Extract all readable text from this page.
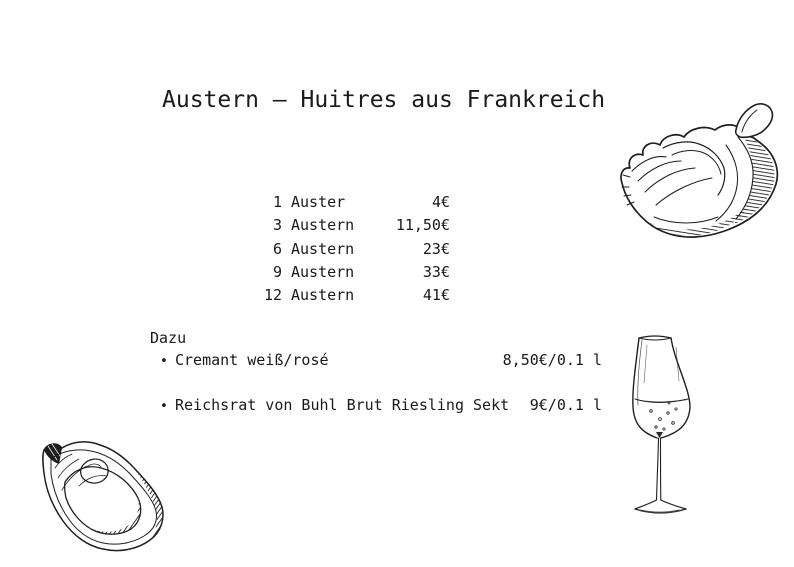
Austern – Huitres aus Frankreich
1 Auster	4€
3 Austern	11,50€
6 Austern	23€
9 Austern	33€
12 Austern	41€
Dazu
• Cremant weiß/rosé	8,50€/0.1 l
• Reichsrat von Buhl Brut Riesling Sekt 9€/0.1 l
